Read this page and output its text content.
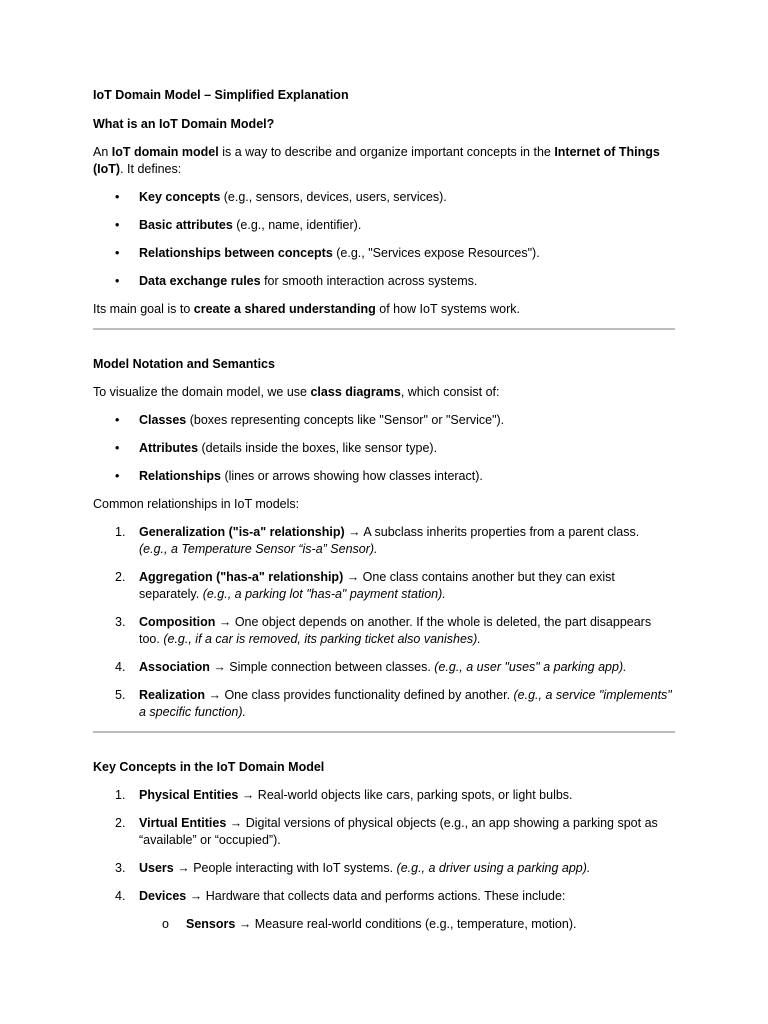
IoT Domain Model – Simplified Explanation

What is an IoT Domain Model?

An IoT domain model is a way to describe and organize important concepts in the Internet of Things (IoT). It defines:

• Key concepts (e.g., sensors, devices, users, services).

• Basic attributes (e.g., name, identifier).

• Relationships between concepts (e.g., "Services expose Resources").

• Data exchange rules for smooth interaction across systems.

Its main goal is to create a shared understanding of how IoT systems work.

Model Notation and Semantics

To visualize the domain model, we use class diagrams, which consist of:

• Classes (boxes representing concepts like "Sensor" or "Service").

• Attributes (details inside the boxes, like sensor type).

• Relationships (lines or arrows showing how classes interact).

Common relationships in IoT models:

1. Generalization ("is-a" relationship) → A subclass inherits properties from a parent class.
(e.g., a Temperature Sensor “is-a” Sensor).

2. Aggregation ("has-a" relationship) → One class contains another but they can exist separately. (e.g., a parking lot "has-a" payment station).

3. Composition → One object depends on another. If the whole is deleted, the part disappears too. (e.g., if a car is removed, its parking ticket also vanishes).

4. Association → Simple connection between classes. (e.g., a user "uses" a parking app).

5. Realization → One class provides functionality defined by another. (e.g., a service "implements" a specific function).

Key Concepts in the IoT Domain Model

1. Physical Entities → Real-world objects like cars, parking spots, or light bulbs.

2. Virtual Entities → Digital versions of physical objects (e.g., an app showing a parking spot as “available” or “occupied”).

3. Users → People interacting with IoT systems. (e.g., a driver using a parking app).

4. Devices → Hardware that collects data and performs actions. These include:

o Sensors → Measure real-world conditions (e.g., temperature, motion).
